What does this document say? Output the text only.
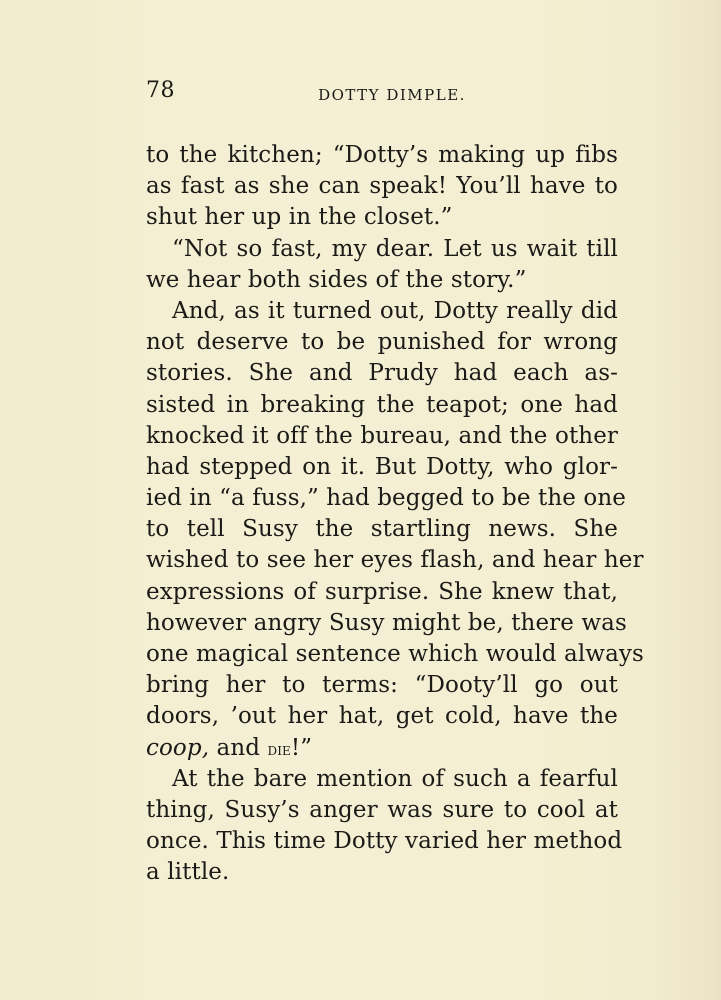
78	DOTTY DIMPLE.
to the kitchen; “Dotty’s making up fibs
as fast as she can speak! You’ll have to
shut her up in the closet.”
“Not so fast, my dear. Let us wait till
we hear both sides of the story.”
And, as it turned out, Dotty really did
not deserve to be punished for wrong
stories. She and Prudy had each as-
sisted in breaking the teapot; one had
knocked it off the bureau, and the other
had stepped on it. But Dotty, who glor-
ied in “a fuss,” had begged to be the one
to tell Susy the startling news. She
wished to see her eyes flash, and hear her
expressions of surprise. She knew that,
however angry Susy might be, there was
one magical sentence which would always
bring her to terms: “Dooty’ll go out
doors, ’out her hat, get cold, have the
coop, and die!”
At the bare mention of such a fearful
thing, Susy’s anger was sure to cool at
once. This time Dotty varied her method
a little.
